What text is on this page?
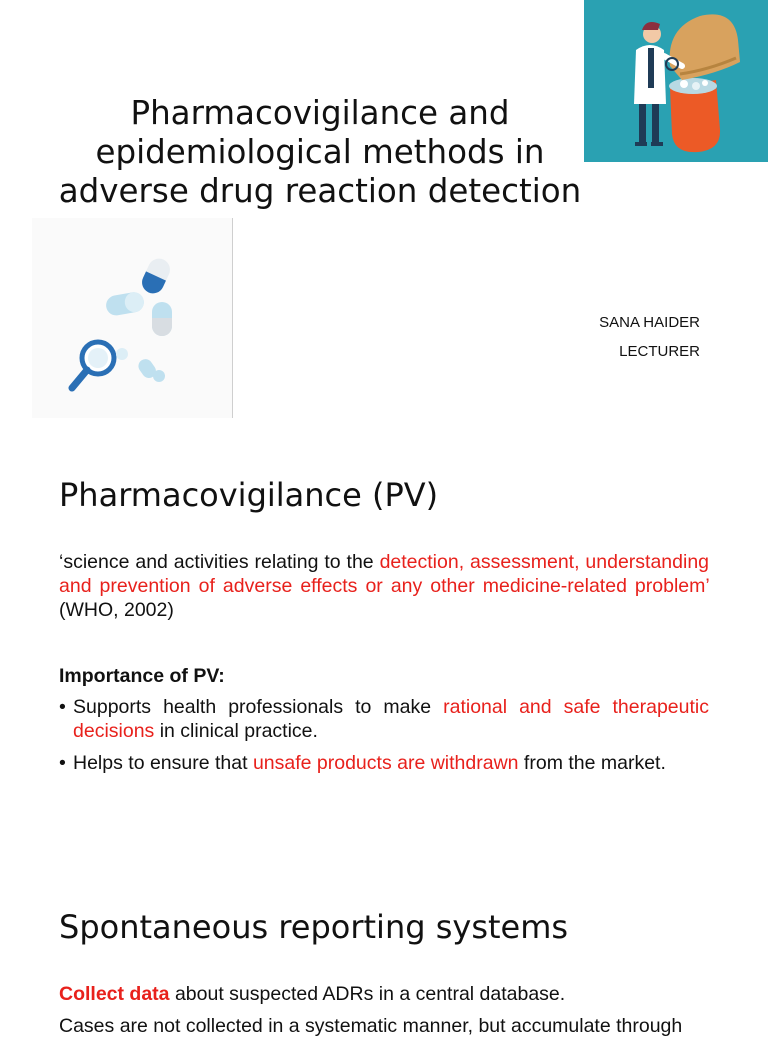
Pharmacovigilance and epidemiological methods in adverse drug reaction detection
SANA HAIDER
LECTURER
Pharmacovigilance (PV)
‘science and activities relating to the detection, assessment, understanding and prevention of adverse effects or any other medicine-related problem’ (WHO, 2002)
Importance of PV:
• Supports health professionals to make rational and safe therapeutic decisions in clinical practice.
• Helps to ensure that unsafe products are withdrawn from the market.
Spontaneous reporting systems
Collect data about suspected ADRs in a central database.
Cases are not collected in a systematic manner, but accumulate through
